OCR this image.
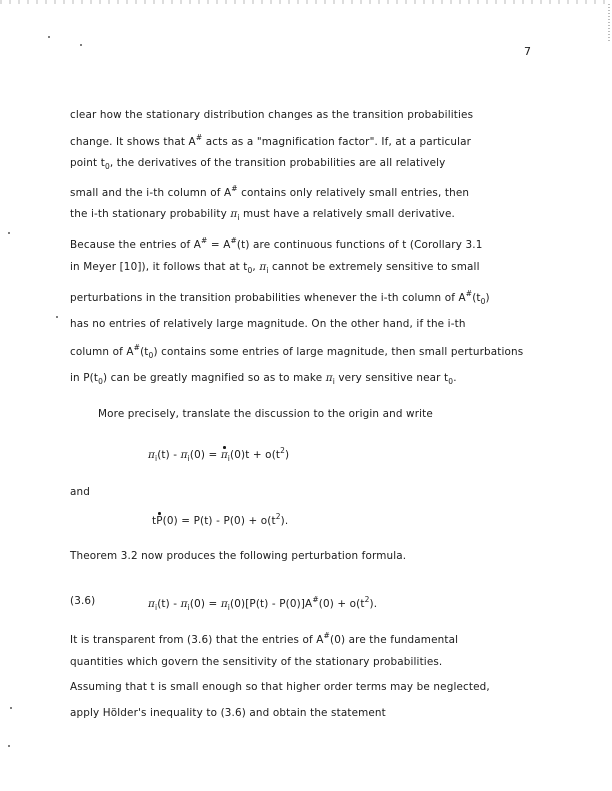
7
clear how the stationary distribution changes as the transition probabilities
change. It shows that A# acts as a "magnification factor". If, at a particular
point $t_0$, the derivatives of the transition probabilities are all relatively
small and the i-th column of A# contains only relatively small entries, then
the i-th stationary probability $\pi_i$ must have a relatively small derivative.
Because the entries of A# = A#(t) are continuous functions of t (Corollary 3.1
in Meyer [10]), it follows that at $t_0$, $\pi_i$ cannot be extremely sensitive to small
perturbations in the transition probabilities whenever the i-th column of $A^{\#}(t_0)$
has no entries of relatively large magnitude. On the other hand, if the i-th
column of $A^{\#}(t_0)$ contains some entries of large magnitude, then small perturbations
in $P(t_0)$ can be greatly magnified so as to make $\pi_i$ very sensitive near $t_0$.
More precisely, translate the discussion to the origin and write
$\pi_i(t) - \pi_i(0) = \pi_i(0)t + o(t^2)$
and
$tP(0) = P(t) - P(0) + o(t^2)$.
Theorem 3.2 now produces the following perturbation formula.
(3.6)	$\pi_i(t) - \pi_i(0) = \pi_i(0)[P(t) - P(0)]A^{\#}(0) + o(t^2)$.
It is transparent from (3.6) that the entries of A#(0) are the fundamental
quantities which govern the sensitivity of the stationary probabilities.
Assuming that t is small enough so that higher order terms may be neglected,
apply Hölder's inequality to (3.6) and obtain the statement
